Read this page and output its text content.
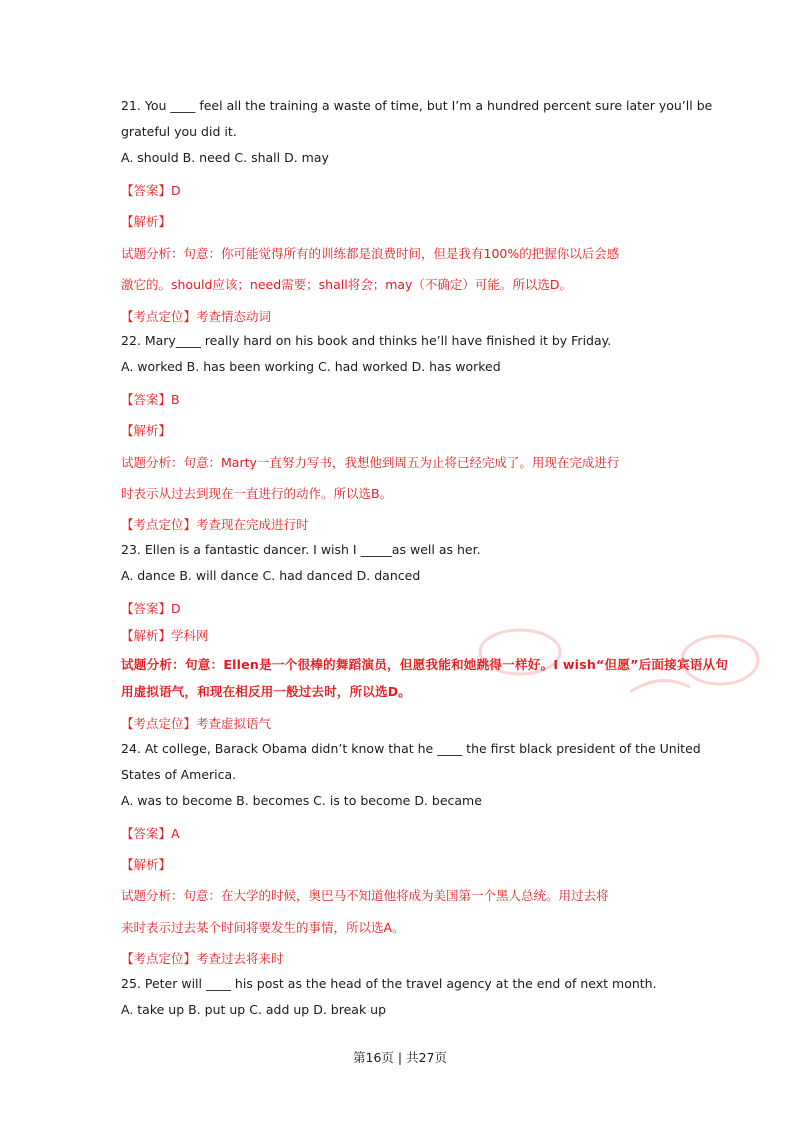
21. You ____ feel all the training a waste of time, but I’m a hundred percent sure later you’ll be
grateful you did it.
A. should B. need C. shall D. may
【答案】D
【解析】
试题分析：句意：你可能觉得所有的训练都是浪费时间，但是我有100%的把握你以后会感
激它的。should应该；need需要；shall将会；may（不确定）可能。所以选D。
【考点定位】考查情态动词
22. Mary____ really hard on his book and thinks he’ll have finished it by Friday.
A. worked B. has been working C. had worked D. has worked
【答案】B
【解析】
试题分析：句意：Marty一直努力写书，我想他到周五为止将已经完成了。用现在完成进行
时表示从过去到现在一直进行的动作。所以选B。
【考点定位】考查现在完成进行时
23. Ellen is a fantastic dancer. I wish I _____as well as her.
A. dance B. will dance C. had danced D. danced
【答案】D
【解析】学科网
试题分析：句意：Ellen是一个很棒的舞蹈演员，但愿我能和她跳得一样好。I wish“但愿”后面接宾语从句
用虚拟语气，和现在相反用一般过去时，所以选D。
【考点定位】考查虚拟语气
24. At college, Barack Obama didn’t know that he ____ the first black president of the United
States of America.
A. was to become B. becomes C. is to become D. became
【答案】A
【解析】
试题分析：句意：在大学的时候，奥巴马不知道他将成为美国第一个黑人总统。用过去将
来时表示过去某个时间将要发生的事情，所以选A。
【考点定位】考查过去将来时
25. Peter will ____ his post as the head of the travel agency at the end of next month.
A. take up B. put up C. add up D. break up
第16页 | 共27页
